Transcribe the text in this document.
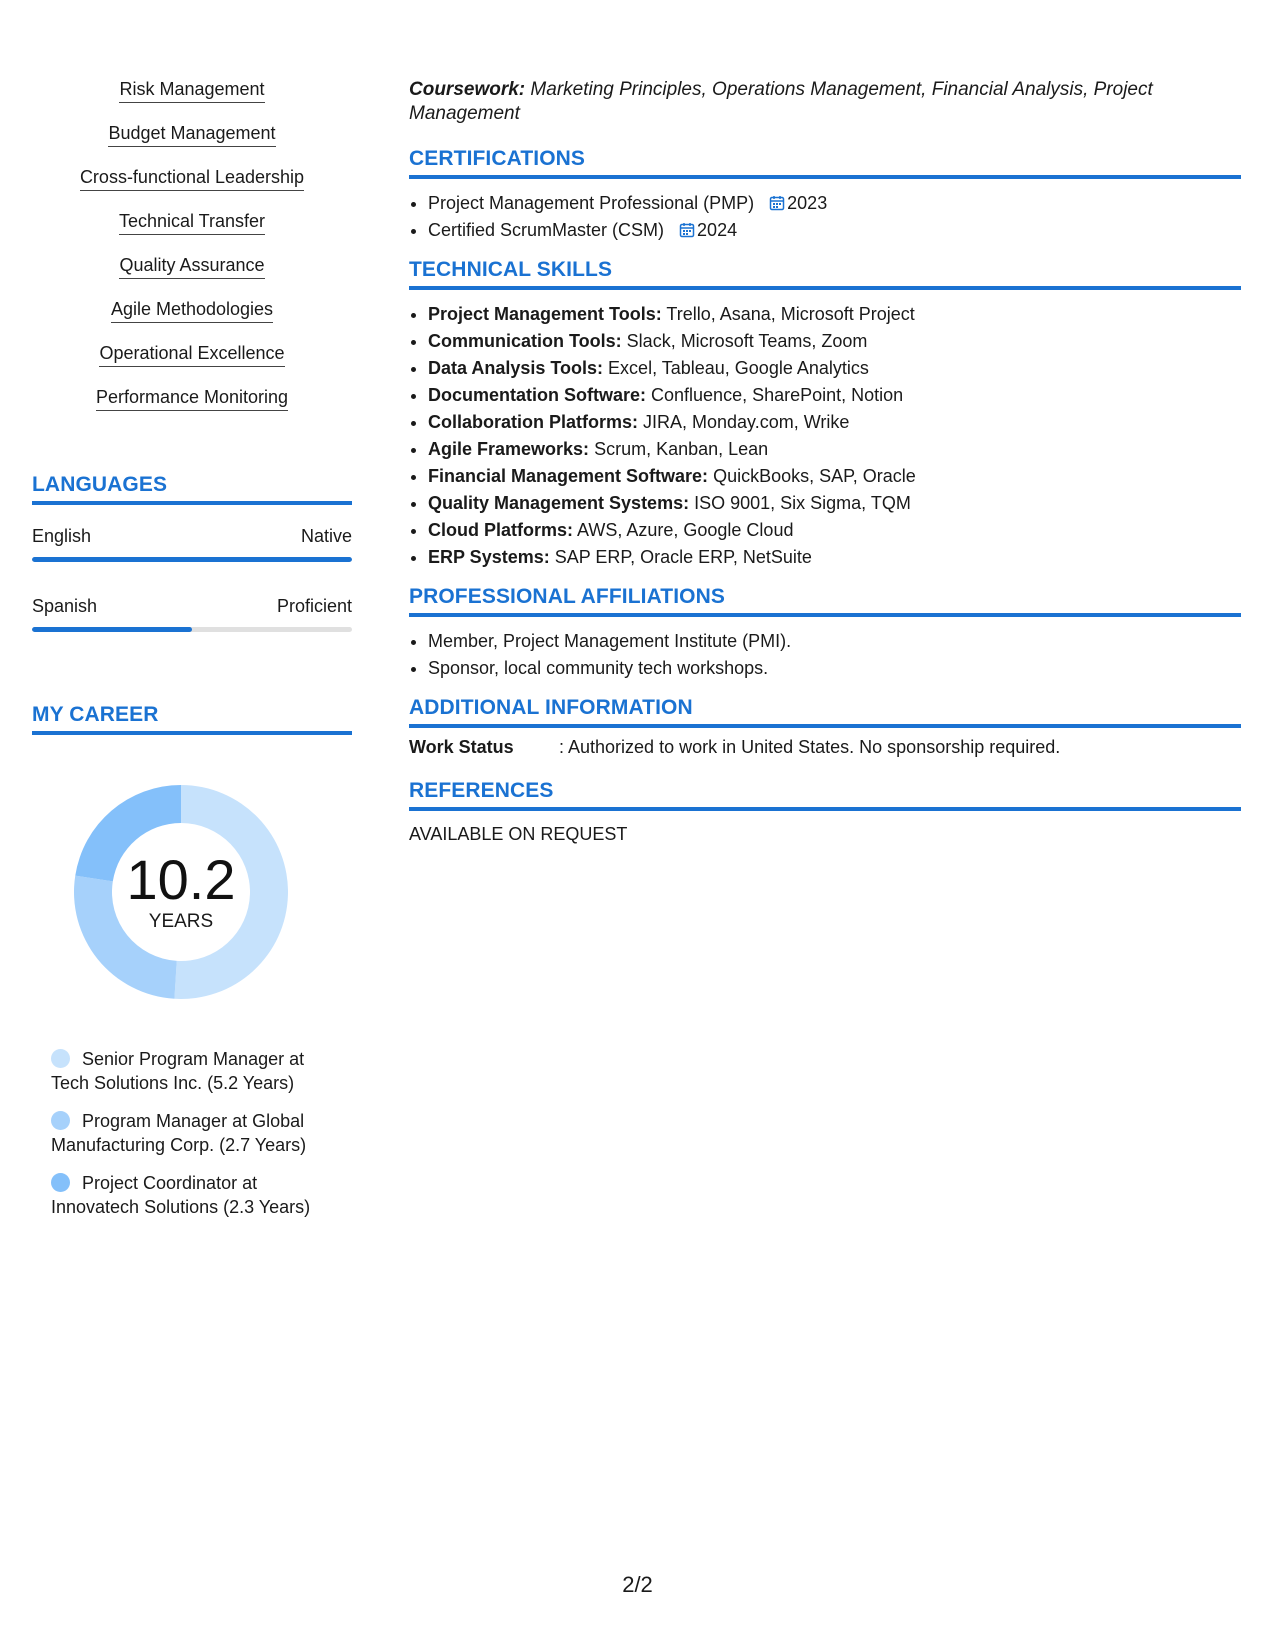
Risk Management
Budget Management
Cross-functional Leadership
Technical Transfer
Quality Assurance
Agile Methodologies
Operational Excellence
Performance Monitoring
LANGUAGES
English	Native
Spanish	Proficient
MY CAREER
10.2
YEARS
Senior Program Manager at Tech Solutions Inc. (5.2 Years)
Program Manager at Global Manufacturing Corp. (2.7 Years)
Project Coordinator at Innovatech Solutions (2.3 Years)

Coursework: Marketing Principles, Operations Management, Financial Analysis, Project Management

CERTIFICATIONS
• Project Management Professional (PMP) 2023
• Certified ScrumMaster (CSM) 2024
TECHNICAL SKILLS
• Project Management Tools: Trello, Asana, Microsoft Project
• Communication Tools: Slack, Microsoft Teams, Zoom
• Data Analysis Tools: Excel, Tableau, Google Analytics
• Documentation Software: Confluence, SharePoint, Notion
• Collaboration Platforms: JIRA, Monday.com, Wrike
• Agile Frameworks: Scrum, Kanban, Lean
• Financial Management Software: QuickBooks, SAP, Oracle
• Quality Management Systems: ISO 9001, Six Sigma, TQM
• Cloud Platforms: AWS, Azure, Google Cloud
• ERP Systems: SAP ERP, Oracle ERP, NetSuite
PROFESSIONAL AFFILIATIONS
• Member, Project Management Institute (PMI).
• Sponsor, local community tech workshops.
ADDITIONAL INFORMATION
Work Status	: Authorized to work in United States. No sponsorship required.
REFERENCES
AVAILABLE ON REQUEST
2/2
